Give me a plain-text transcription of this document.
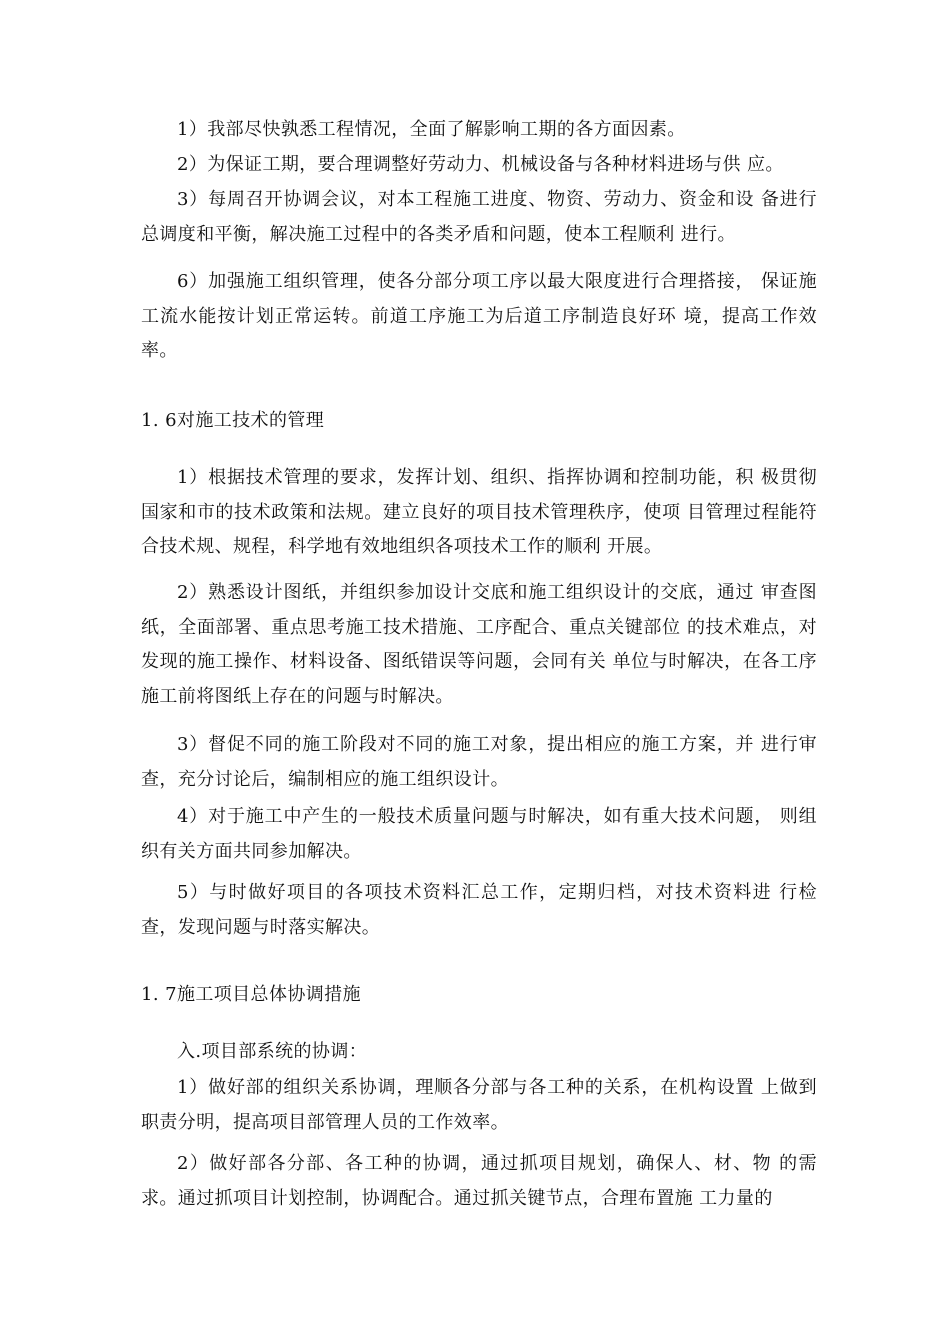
1）我部尽快孰悉工程情况，全面了解影响工期的各方面因素。

2）为保证工期，要合理调整好劳动力、机械设备与各种材料进场与供 应。

3）每周召开协调会议，对本工程施工进度、物资、劳动力、资金和设 备进行总调度和平衡，解决施工过程中的各类矛盾和问题，使本工程顺利 进行。

6）加强施工组织管理，使各分部分项工序以最大限度进行合理搭接， 保证施工流水能按计划正常运转。前道工序施工为后道工序制造良好环 境，提高工作效率。

1. 6对施工技术的管理

1）根据技术管理的要求，发挥计划、组织、指挥协调和控制功能，积 极贯彻国家和市的技术政策和法规。建立良好的项目技术管理秩序，使项 目管理过程能符合技术规、规程，科学地有效地组织各项技术工作的顺利 开展。

2）熟悉设计图纸，并组织参加设计交底和施工组织设计的交底，通过 审查图纸，全面部署、重点思考施工技术措施、工序配合、重点关键部位 的技术难点，对发现的施工操作、材料设备、图纸错误等问题，会同有关 单位与时解决，在各工序施工前将图纸上存在的问题与时解决。

3）督促不同的施工阶段对不同的施工对象，提出相应的施工方案，并 进行审查，充分讨论后，编制相应的施工组织设计。

4）对于施工中产生的一般技术质量问题与时解决，如有重大技术问题， 则组织有关方面共同参加解决。

5）与时做好项目的各项技术资料汇总工作，定期归档，对技术资料进 行检查，发现问题与时落实解决。

1. 7施工项目总体协调措施

入.项目部系统的协调：

1）做好部的组织关系协调，理顺各分部与各工种的关系，在机构设置 上做到职责分明，提高项目部管理人员的工作效率。

2）做好部各分部、各工种的协调，通过抓项目规划，确保人、材、物 的需求。通过抓项目计划控制，协调配合。通过抓关键节点，合理布置施 工力量的
